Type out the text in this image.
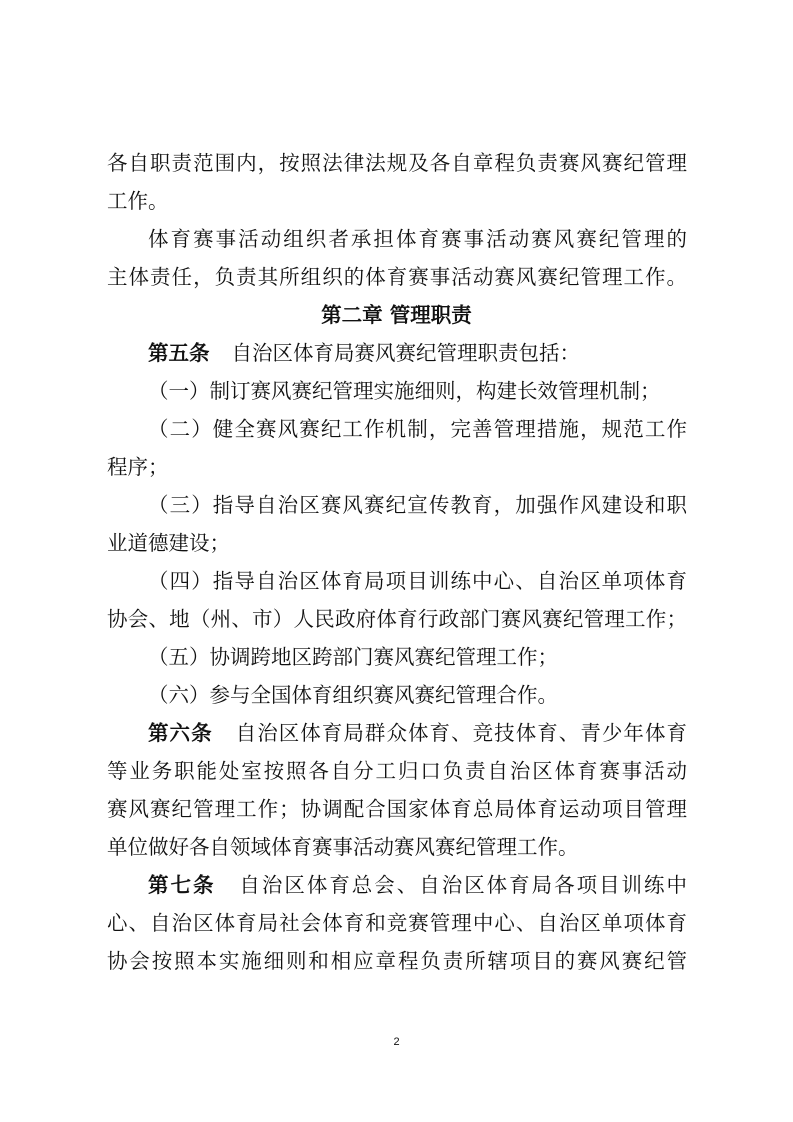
各自职责范围内，按照法律法规及各自章程负责赛风赛纪管理
工作。
体育赛事活动组织者承担体育赛事活动赛风赛纪管理的
主体责任，负责其所组织的体育赛事活动赛风赛纪管理工作。
第二章 管理职责
第五条 自治区体育局赛风赛纪管理职责包括：
（一）制订赛风赛纪管理实施细则，构建长效管理机制；
（二）健全赛风赛纪工作机制，完善管理措施，规范工作
程序；
（三）指导自治区赛风赛纪宣传教育，加强作风建设和职
业道德建设；
（四）指导自治区体育局项目训练中心、自治区单项体育
协会、地（州、市）人民政府体育行政部门赛风赛纪管理工作；
（五）协调跨地区跨部门赛风赛纪管理工作；
（六）参与全国体育组织赛风赛纪管理合作。
第六条 自治区体育局群众体育、竞技体育、青少年体育
等业务职能处室按照各自分工归口负责自治区体育赛事活动
赛风赛纪管理工作；协调配合国家体育总局体育运动项目管理
单位做好各自领域体育赛事活动赛风赛纪管理工作。
第七条 自治区体育总会、自治区体育局各项目训练中
心、自治区体育局社会体育和竞赛管理中心、自治区单项体育
协会按照本实施细则和相应章程负责所辖项目的赛风赛纪管
2
